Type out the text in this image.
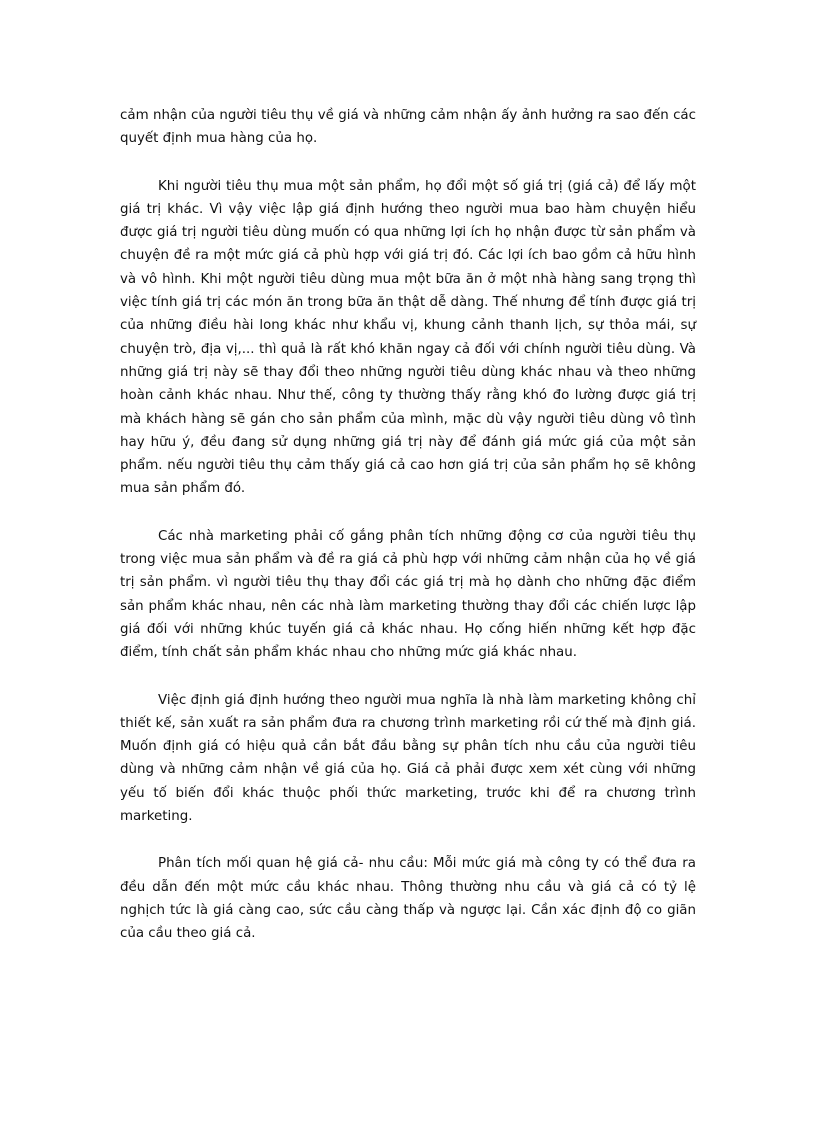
cảm nhận của người tiêu thụ về giá và những cảm nhận ấy ảnh hưởng ra sao đến các quyết định mua hàng của họ.

Khi người tiêu thụ mua một sản phẩm, họ đổi một số giá trị (giá cả) để lấy một giá trị khác. Vì vậy việc lập giá định hướng theo người mua bao hàm chuyện hiểu được giá trị người tiêu dùng muốn có qua những lợi ích họ nhận được từ sản phẩm và chuyện đề ra một mức giá cả phù hợp với giá trị đó. Các lợi ích bao gồm cả hữu hình và vô hình. Khi một người tiêu dùng mua một bữa ăn ở một nhà hàng sang trọng thì việc tính giá trị các món ăn trong bữa ăn thật dễ dàng. Thế nhưng để tính được giá trị của những điều hài long khác như khẩu vị, khung cảnh thanh lịch, sự thỏa mái, sự chuyện trò, địa vị,... thì quả là rất khó khăn ngay cả đối với chính người tiêu dùng. Và những giá trị này sẽ thay đổi theo những người tiêu dùng khác nhau và theo những hoàn cảnh khác nhau. Như thế, công ty thường thấy rằng khó đo lường được giá trị mà khách hàng sẽ gán cho sản phẩm của mình, mặc dù vậy người tiêu dùng vô tình hay hữu ý, đều đang sử dụng những giá trị này để đánh giá mức giá của một sản phẩm. nếu người tiêu thụ cảm thấy giá cả cao hơn giá trị của sản phẩm họ sẽ không mua sản phẩm đó.

Các nhà marketing phải cố gắng phân tích những động cơ của người tiêu thụ trong việc mua sản phẩm và đề ra giá cả phù hợp với những cảm nhận của họ về giá trị sản phẩm. vì người tiêu thụ thay đổi các giá trị mà họ dành cho những đặc điểm sản phẩm khác nhau, nên các nhà làm marketing thường thay đổi các chiến lược lập giá đối với những khúc tuyến giá cả khác nhau. Họ cống hiến những kết hợp đặc điểm, tính chất sản phẩm khác nhau cho những mức giá khác nhau.

Việc định giá định hướng theo người mua nghĩa là nhà làm marketing không chỉ thiết kế, sản xuất ra sản phẩm đưa ra chương trình marketing rồi cứ thế mà định giá. Muốn định giá có hiệu quả cần bắt đầu bằng sự phân tích nhu cầu của người tiêu dùng và những cảm nhận về giá của họ. Giá cả phải được xem xét cùng với những yếu tố biến đổi khác thuộc phối thức marketing, trước khi để ra chương trình marketing.

Phân tích mối quan hệ giá cả- nhu cầu: Mỗi mức giá mà công ty có thể đưa ra đều dẫn đến một mức cầu khác nhau. Thông thường nhu cầu và giá cả có tỷ lệ nghịch tức là giá càng cao, sức cầu càng thấp và ngược lại. Cần xác định độ co giãn của cầu theo giá cả.
